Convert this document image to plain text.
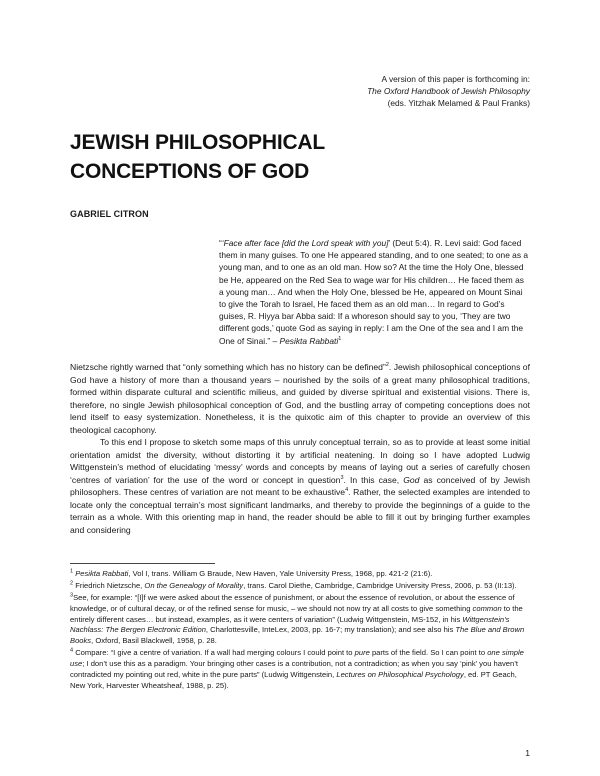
A version of this paper is forthcoming in:
The Oxford Handbook of Jewish Philosophy
(eds. Yitzhak Melamed & Paul Franks)
JEWISH PHILOSOPHICAL
CONCEPTIONS OF GOD
GABRIEL CITRON

“‘Face after face [did the Lord speak with you]’ (Deut 5:4). R. Levi said: God faced them in many guises. To one He appeared standing, and to one seated; to one as a young man, and to one as an old man. How so? At the time the Holy One, blessed be He, appeared on the Red Sea to wage war for His children… He faced them as a young man… And when the Holy One, blessed be He, appeared on Mount Sinai to give the Torah to Israel, He faced them as an old man… In regard to God’s guises, R. Hiyya bar Abba said: If a whoreson should say to you, ‘They are two different gods,’ quote God as saying in reply: I am the One of the sea and I am the One of Sinai.” – Pesikta Rabbati$^1$

Nietzsche rightly warned that “only something which has no history can be defined”$^2$. Jewish philosophical conceptions of God have a history of more than a thousand years – nourished by the soils of a great many philosophical traditions, formed within disparate cultural and scientific milieus, and guided by diverse spiritual and existential visions. There is, therefore, no single Jewish philosophical conception of God, and the bustling array of competing conceptions does not lend itself to easy systemization. Nonetheless, it is the quixotic aim of this chapter to provide an overview of this theological cacophony.

To this end I propose to sketch some maps of this unruly conceptual terrain, so as to provide at least some initial orientation amidst the diversity, without distorting it by artificial neatening. In doing so I have adopted Ludwig Wittgenstein’s method of elucidating ‘messy’ words and concepts by means of laying out a series of carefully chosen ‘centres of variation’ for the use of the word or concept in question$^3$. In this case, God as conceived of by Jewish philosophers. These centres of variation are not meant to be exhaustive$^4$. Rather, the selected examples are intended to locate only the conceptual terrain’s most significant landmarks, and thereby to provide the beginnings of a guide to the terrain as a whole. With this orienting map in hand, the reader should be able to fill it out by bringing further examples and considering

$^1$ Pesikta Rabbati, Vol I, trans. William G Braude, New Haven, Yale University Press, 1968, pp. 421-2 (21:6).

$^2$ Friedrich Nietzsche, On the Genealogy of Morality, trans. Carol Diethe, Cambridge, Cambridge University Press, 2006, p. 53 (II:13).

$^3$See, for example: “[I]f we were asked about the essence of punishment, or about the essence of revolution, or about the essence of knowledge, or of cultural decay, or of the refined sense for music, – we should not now try at all costs to give something common to the entirely different cases… but instead, examples, as it were centers of variation” (Ludwig Wittgenstein, MS-152, in his Wittgenstein’s Nachlass: The Bergen Electronic Edition, Charlottesville, InteLex, 2003, pp. 16-7; my translation); and see also his The Blue and Brown Books, Oxford, Basil Blackwell, 1958, p. 28.

$^4$ Compare: “I give a centre of variation. If a wall had merging colours I could point to pure parts of the field. So I can point to one simple use; I don’t use this as a paradigm. Your bringing other cases is a contribution, not a contradiction; as when you say ‘pink’ you haven’t contradicted my pointing out red, white in the pure parts” (Ludwig Wittgenstein, Lectures on Philosophical Psychology, ed. PT Geach, New York, Harvester Wheatsheaf, 1988, p. 25).

1
